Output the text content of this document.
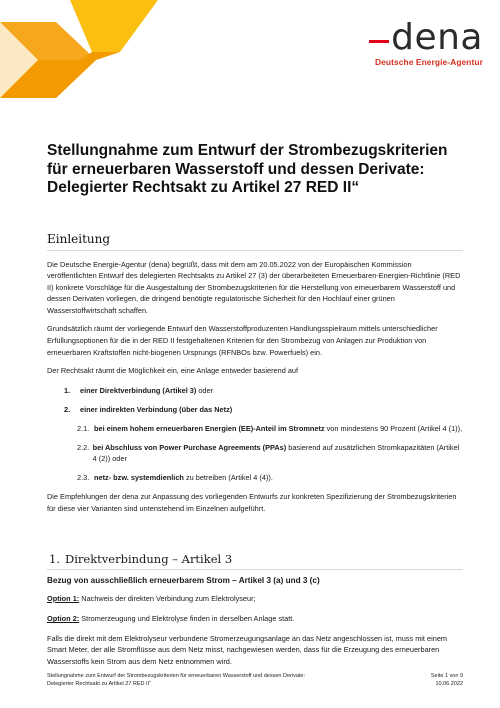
dena
Deutsche Energie-Agentur
Stellungnahme zum Entwurf der Strombezugskriterien für erneuerbaren Wasserstoff und dessen Derivate: Delegierter Rechtsakt zu Artikel 27 RED II“
Einleitung

Die Deutsche Energie-Agentur (dena) begrüßt, dass mit dem am 20.05.2022 von der Europäischen Kommission veröffentlichten Entwurf des delegierten Rechtsakts zu Artikel 27 (3) der überarbeiteten Erneuerbaren-Energien-Richtlinie (RED II) konkrete Vorschläge für die Ausgestaltung der Strombezugskriterien für die Herstellung von erneuerbarem Wasserstoff und dessen Derivaten vorliegen, die dringend benötigte regulatorische Sicherheit für den Hochlauf einer grünen Wasserstoffwirtschaft schaffen.

Grundsätzlich räumt der vorliegende Entwurf den Wasserstoffproduzenten Handlungsspielraum mittels unterschiedlicher Erfüllungsoptionen für die in der RED II festgehaltenen Kriterien für den Strombezug von Anlagen zur Produktion von erneuerbaren Kraftstoffen nicht-biogenen Ursprungs (RFNBOs bzw. Powerfuels) ein.

Der Rechtsakt räumt die Möglichkeit ein, eine Anlage entweder basierend auf

1.	einer Direktverbindung (Artikel 3) oder
2.	einer indirekten Verbindung (über das Netz)
2.1. bei einem hohem erneuerbaren Energien (EE)-Anteil im Stromnetz von mindestens 90 Prozent (Artikel 4 (1)),
2.2. bei Abschluss von Power Purchase Agreements (PPAs) basierend auf zusätzlichen Stromkapazitäten (Artikel 4 (2)) oder
2.3. netz- bzw. systemdienlich zu betreiben (Artikel 4 (4)).

Die Empfehlungen der dena zur Anpassung des vorliegenden Entwurfs zur konkreten Spezifizierung der Strombezugskriterien für diese vier Varianten sind untenstehend im Einzelnen aufgeführt.

1. Direktverbindung – Artikel 3
Bezug von ausschließlich erneuerbarem Strom – Artikel 3 (a) und 3 (c)

Option 1: Nachweis der direkten Verbindung zum Elektrolyseur;

Option 2: Stromerzeugung und Elektrolyse finden in derselben Anlage statt.

Falls die direkt mit dem Elektrolyseur verbundene Stromerzeugungsanlage an das Netz angeschlossen ist, muss mit einem Smart Meter, der alle Stromflüsse aus dem Netz misst, nachgewiesen werden, dass für die Erzeugung des erneuerbaren Wasserstoffs kein Strom aus dem Netz entnommen wird.

Stellungnahme zum Entwurf der Strombezugskriterien für erneuerbaren Wasserstoff und dessen Derivate: Delegierter Rechtsakt zu Artikel 27 RED II“
Seite 1 von 9
10.06.2022
